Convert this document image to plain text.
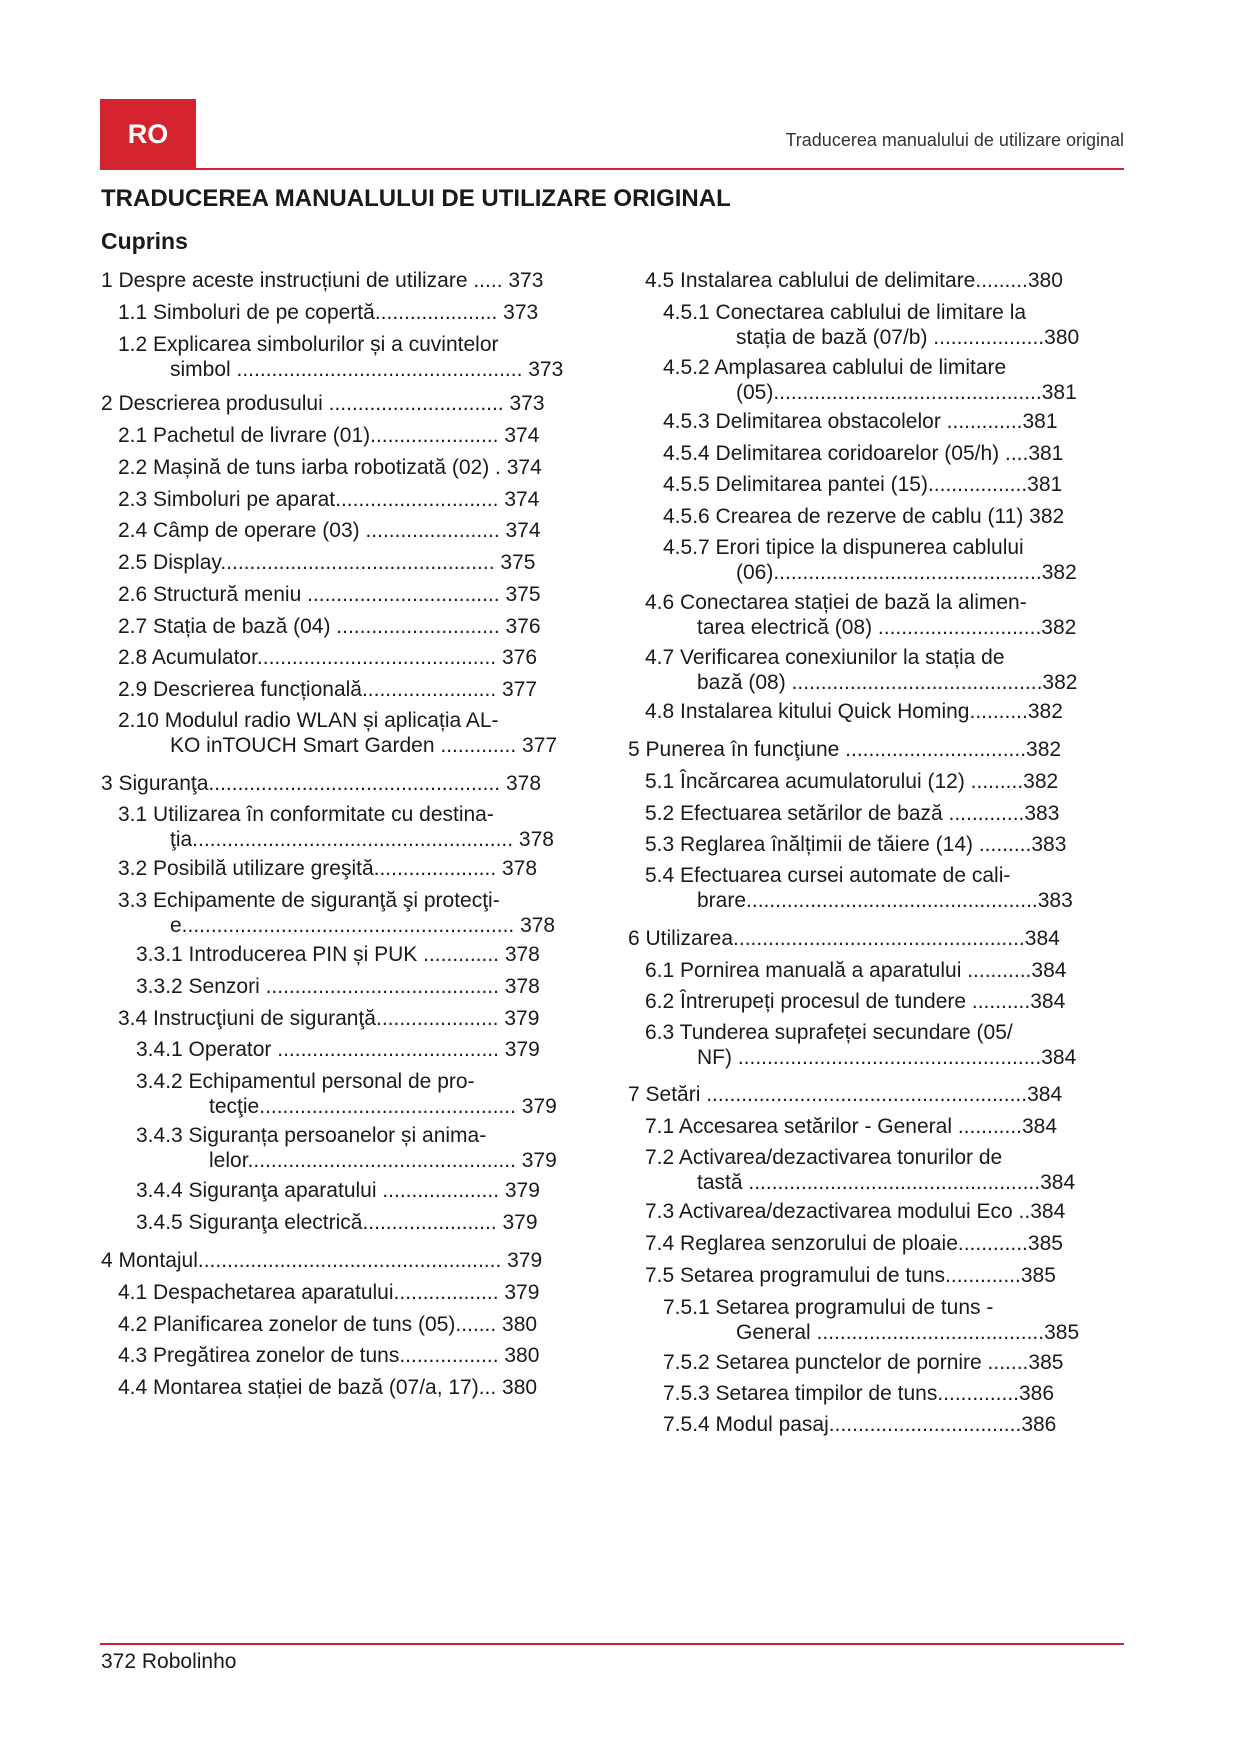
RO	Traducerea manualului de utilizare original
TRADUCEREA MANUALULUI DE UTILIZARE ORIGINAL
Cuprins
1 Despre aceste instrucțiuni de utilizare ..... 373
1.1 Simboluri de pe copertă..................... 373
1.2 Explicarea simbolurilor și a cuvintelor
simbol ................................................. 373
2 Descrierea produsului .............................. 373
2.1 Pachetul de livrare (01)...................... 374
2.2 Mașină de tuns iarba robotizată (02) . 374
2.3 Simboluri pe aparat............................ 374
2.4 Câmp de operare (03) ....................... 374
2.5 Display............................................... 375
2.6 Structură meniu ................................. 375
2.7 Stația de bază (04) ............................ 376
2.8 Acumulator......................................... 376
2.9 Descrierea funcțională....................... 377
2.10 Modulul radio WLAN și aplicația AL-
KO inTOUCH Smart Garden ............. 377
3 Siguranţa.................................................. 378
3.1 Utilizarea în conformitate cu destina-
ţia....................................................... 378
3.2 Posibilă utilizare greşită..................... 378
3.3 Echipamente de siguranţă şi protecţi-
e......................................................... 378
3.3.1 Introducerea PIN și PUK ............. 378
3.3.2 Senzori ........................................ 378
3.4 Instrucţiuni de siguranţă..................... 379
3.4.1 Operator ...................................... 379
3.4.2 Echipamentul personal de pro-
tecţie............................................ 379
3.4.3 Siguranța persoanelor și anima-
lelor.............................................. 379
3.4.4 Siguranţa aparatului .................... 379
3.4.5 Siguranţa electrică....................... 379
4 Montajul.................................................... 379
4.1 Despachetarea aparatului.................. 379
4.2 Planificarea zonelor de tuns (05)....... 380
4.3 Pregătirea zonelor de tuns................. 380
4.4 Montarea stației de bază (07/a, 17)... 380
4.5 Instalarea cablului de delimitare.........380
4.5.1 Conectarea cablului de limitare la
stația de bază (07/b) ...................380
4.5.2 Amplasarea cablului de limitare
(05)..............................................381
4.5.3 Delimitarea obstacolelor .............381
4.5.4 Delimitarea coridoarelor (05/h) ....381
4.5.5 Delimitarea pantei (15).................381
4.5.6 Crearea de rezerve de cablu (11) 382
4.5.7 Erori tipice la dispunerea cablului
(06)..............................................382
4.6 Conectarea stației de bază la alimen-
tarea electrică (08) ............................382
4.7 Verificarea conexiunilor la stația de
bază (08) ...........................................382
4.8 Instalarea kitului Quick Homing..........382
5 Punerea în funcţiune ...............................382
5.1 Încărcarea acumulatorului (12) .........382
5.2 Efectuarea setărilor de bază .............383
5.3 Reglarea înălțimii de tăiere (14) .........383
5.4 Efectuarea cursei automate de cali-
brare..................................................383
6 Utilizarea..................................................384
6.1 Pornirea manuală a aparatului ...........384
6.2 Întrerupeți procesul de tundere ..........384
6.3 Tunderea suprafeței secundare (05/
NF) ....................................................384
7 Setări .......................................................384
7.1 Accesarea setărilor - General ...........384
7.2 Activarea/dezactivarea tonurilor de
tastă ..................................................384
7.3 Activarea/dezactivarea modului Eco ..384
7.4 Reglarea senzorului de ploaie............385
7.5 Setarea programului de tuns.............385
7.5.1 Setarea programului de tuns -
General .......................................385
7.5.2 Setarea punctelor de pornire .......385
7.5.3 Setarea timpilor de tuns..............386
7.5.4 Modul pasaj.................................386
372 Robolinho
